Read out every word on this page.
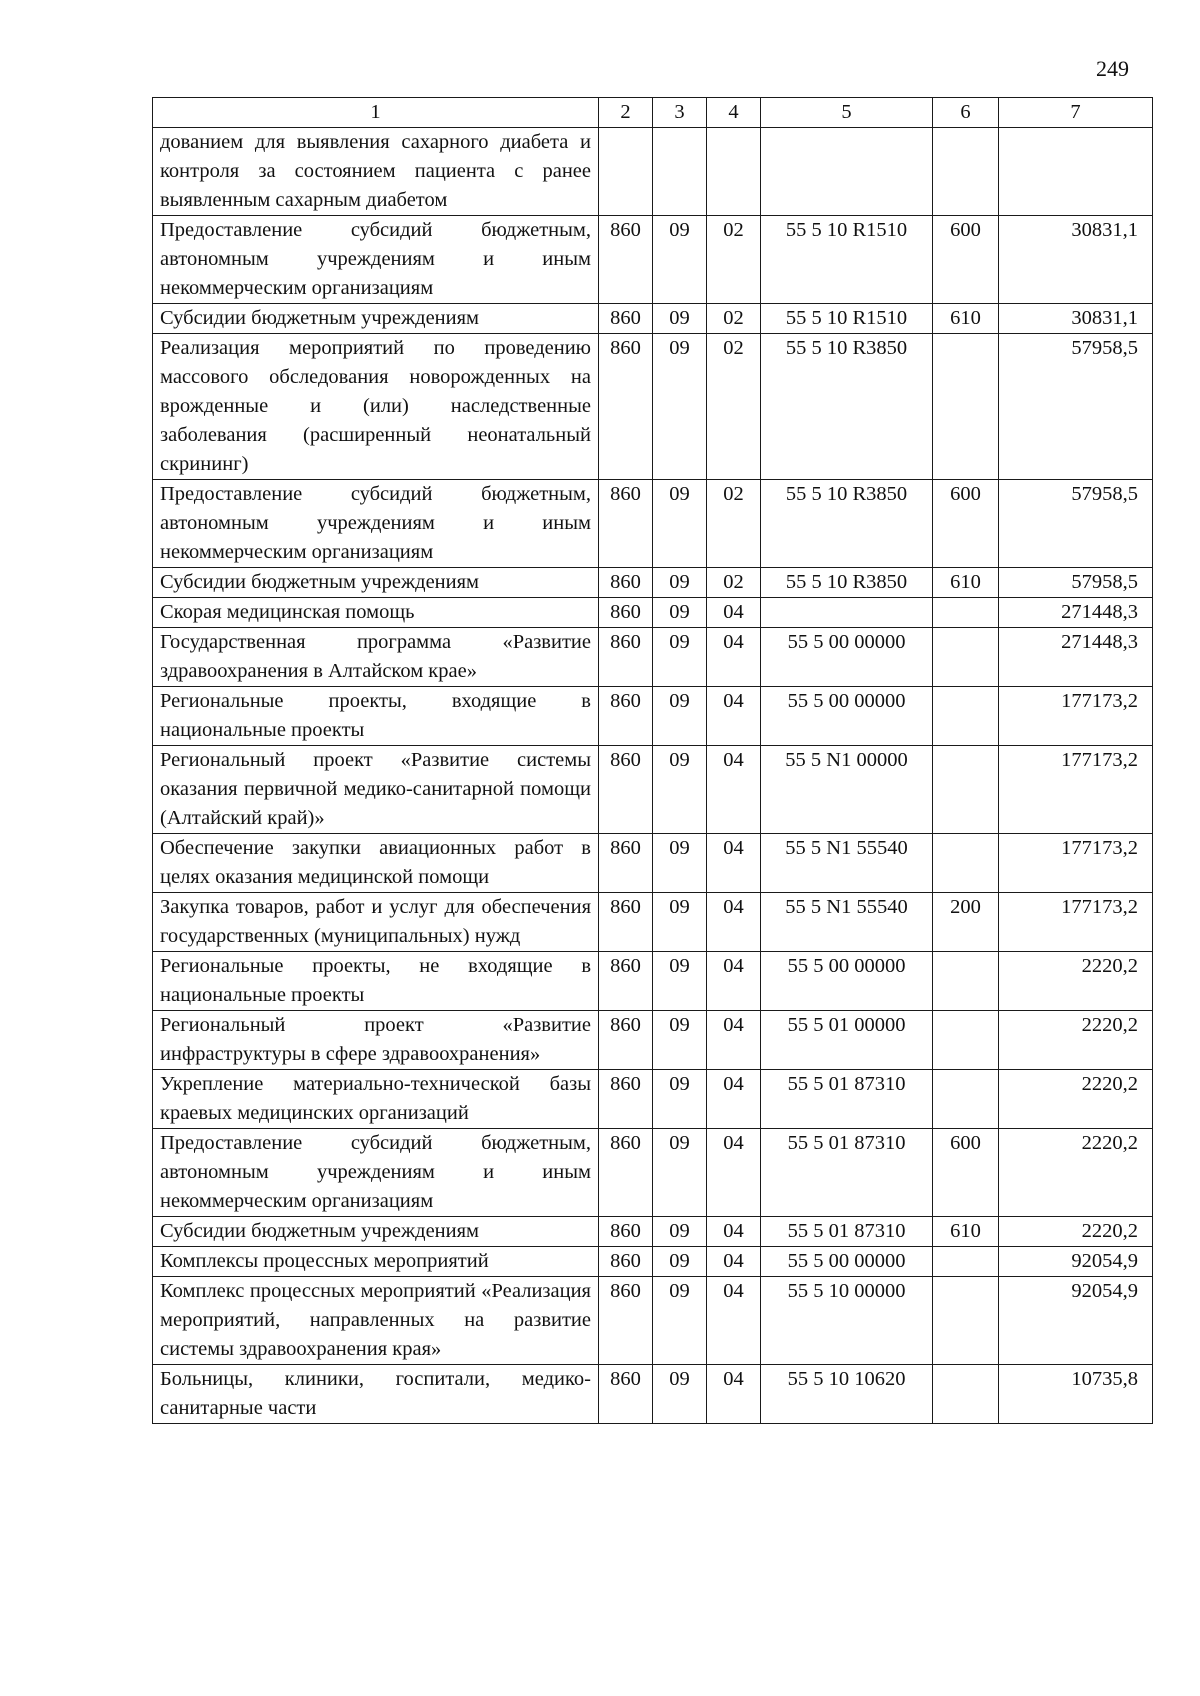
249
1	2	3	4	5	6	7
дованием для выявления сахарного диабета и контроля за состоянием пациента с ранее выявленным сахарным диабетом						
Предоставление субсидий бюджетным, автономным учреждениям и иным некоммерческим организациям	860	09	02	55 5 10 R1510	600	30831,1
Субсидии бюджетным учреждениям	860	09	02	55 5 10 R1510	610	30831,1
Реализация мероприятий по проведению массового обследования новорожденных на врожденные и (или) наследственные заболевания (расширенный неонатальный скрининг)	860	09	02	55 5 10 R3850		57958,5
Предоставление субсидий бюджетным, автономным учреждениям и иным некоммерческим организациям	860	09	02	55 5 10 R3850	600	57958,5
Субсидии бюджетным учреждениям	860	09	02	55 5 10 R3850	610	57958,5
Скорая медицинская помощь	860	09	04			271448,3
Государственная программа «Развитие здравоохранения в Алтайском крае»	860	09	04	55 5 00 00000		271448,3
Региональные проекты, входящие в национальные проекты	860	09	04	55 5 00 00000		177173,2
Региональный проект «Развитие системы оказания первичной медико-санитарной помощи (Алтайский край)»	860	09	04	55 5 N1 00000		177173,2
Обеспечение закупки авиационных работ в целях оказания медицинской помощи	860	09	04	55 5 N1 55540		177173,2
Закупка товаров, работ и услуг для обеспечения государственных (муниципальных) нужд	860	09	04	55 5 N1 55540	200	177173,2
Региональные проекты, не входящие в национальные проекты	860	09	04	55 5 00 00000		2220,2
Региональный проект «Развитие инфраструктуры в сфере здравоохранения»	860	09	04	55 5 01 00000		2220,2
Укрепление материально-технической базы краевых медицинских организаций	860	09	04	55 5 01 87310		2220,2
Предоставление субсидий бюджетным, автономным учреждениям и иным некоммерческим организациям	860	09	04	55 5 01 87310	600	2220,2
Субсидии бюджетным учреждениям	860	09	04	55 5 01 87310	610	2220,2
Комплексы процессных мероприятий	860	09	04	55 5 00 00000		92054,9
Комплекс процессных мероприятий «Реализация мероприятий, направленных на развитие системы здравоохранения края»	860	09	04	55 5 10 00000		92054,9
Больницы, клиники, госпитали, медико-санитарные части	860	09	04	55 5 10 10620		10735,8
